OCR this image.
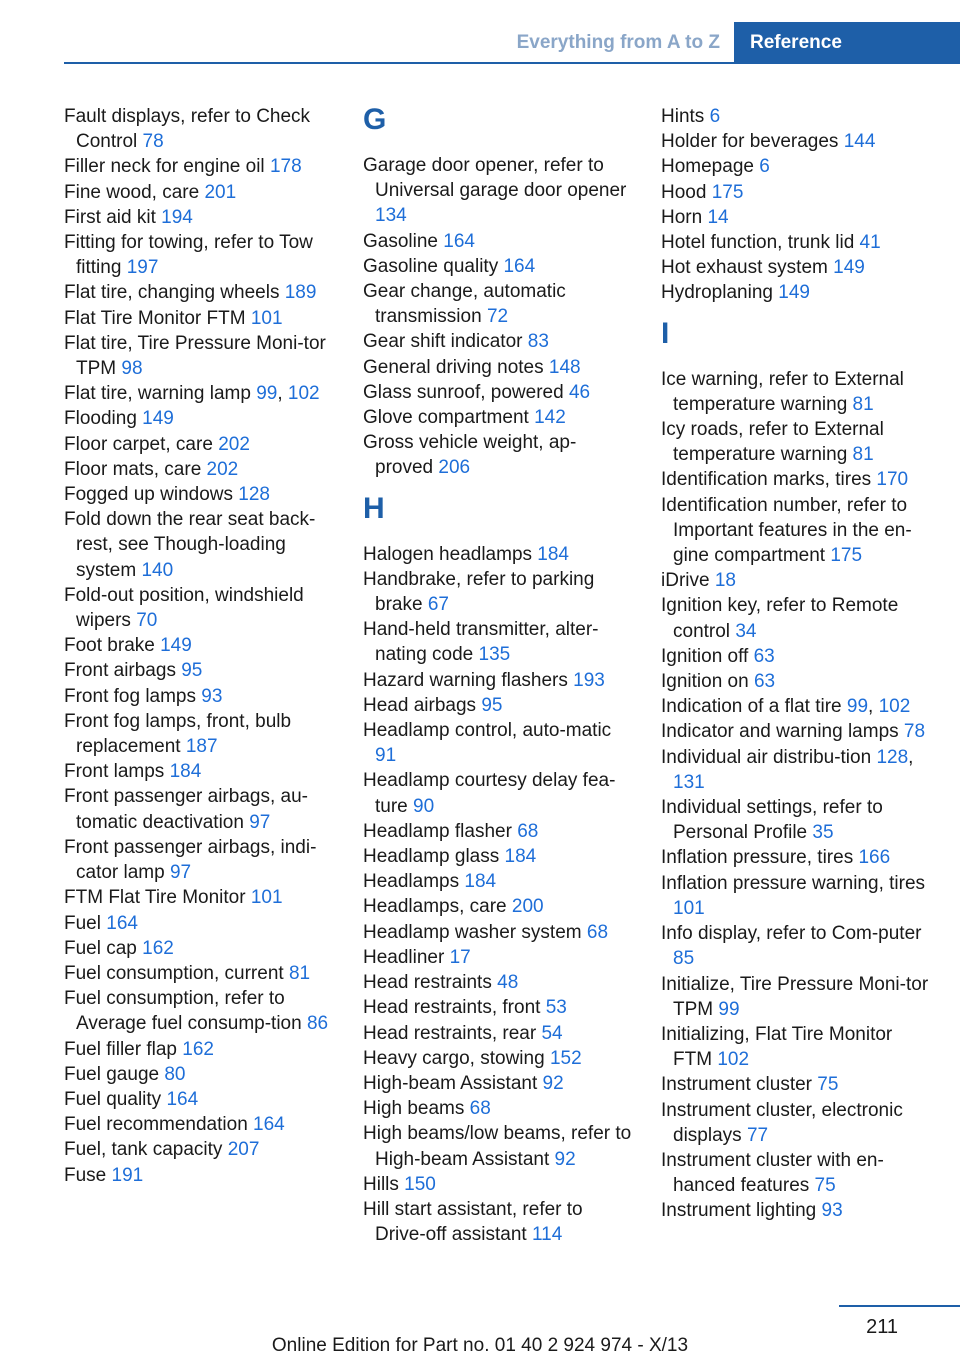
Everything from A to Z	Reference
Fault displays, refer to Check Control 78
Filler neck for engine oil 178
Fine wood, care 201
First aid kit 194
Fitting for towing, refer to Tow fitting 197
Flat tire, changing wheels 189
Flat Tire Monitor FTM 101
Flat tire, Tire Pressure Moni‐tor TPM 98
Flat tire, warning lamp 99, 102
Flooding 149
Floor carpet, care 202
Floor mats, care 202
Fogged up windows 128
Fold down the rear seat back‐rest, see Though-loading system 140
Fold-out position, windshield wipers 70
Foot brake 149
Front airbags 95
Front fog lamps 93
Front fog lamps, front, bulb replacement 187
Front lamps 184
Front passenger airbags, au‐tomatic deactivation 97
Front passenger airbags, indi‐cator lamp 97
FTM Flat Tire Monitor 101
Fuel 164
Fuel cap 162
Fuel consumption, current 81
Fuel consumption, refer to Average fuel consump‐tion 86
Fuel filler flap 162
Fuel gauge 80
Fuel quality 164
Fuel recommendation 164
Fuel, tank capacity 207
Fuse 191
G
Garage door opener, refer to Universal garage door opener 134
Gasoline 164
Gasoline quality 164
Gear change, automatic transmission 72
Gear shift indicator 83
General driving notes 148
Glass sunroof, powered 46
Glove compartment 142
Gross vehicle weight, ap‐proved 206
H
Halogen headlamps 184
Handbrake, refer to parking brake 67
Hand-held transmitter, alter‐nating code 135
Hazard warning flashers 193
Head airbags 95
Headlamp control, auto‐matic 91
Headlamp courtesy delay fea‐ture 90
Headlamp flasher 68
Headlamp glass 184
Headlamps 184
Headlamps, care 200
Headlamp washer system 68
Headliner 17
Head restraints 48
Head restraints, front 53
Head restraints, rear 54
Heavy cargo, stowing 152
High-beam Assistant 92
High beams 68
High beams/low beams, refer to High-beam Assistant 92
Hills 150
Hill start assistant, refer to Drive-off assistant 114
Hints 6
Holder for beverages 144
Homepage 6
Hood 175
Horn 14
Hotel function, trunk lid 41
Hot exhaust system 149
Hydroplaning 149
I
Ice warning, refer to External temperature warning 81
Icy roads, refer to External temperature warning 81
Identification marks, tires 170
Identification number, refer to Important features in the en‐gine compartment 175
iDrive 18
Ignition key, refer to Remote control 34
Ignition off 63
Ignition on 63
Indication of a flat tire 99, 102
Indicator and warning lamps 78
Individual air distribu‐tion 128, 131
Individual settings, refer to Personal Profile 35
Inflation pressure, tires 166
Inflation pressure warning, tires 101
Info display, refer to Com‐puter 85
Initialize, Tire Pressure Moni‐tor TPM 99
Initializing, Flat Tire Monitor FTM 102
Instrument cluster 75
Instrument cluster, electronic displays 77
Instrument cluster with en‐hanced features 75
Instrument lighting 93
211
Online Edition for Part no. 01 40 2 924 974 - X/13
